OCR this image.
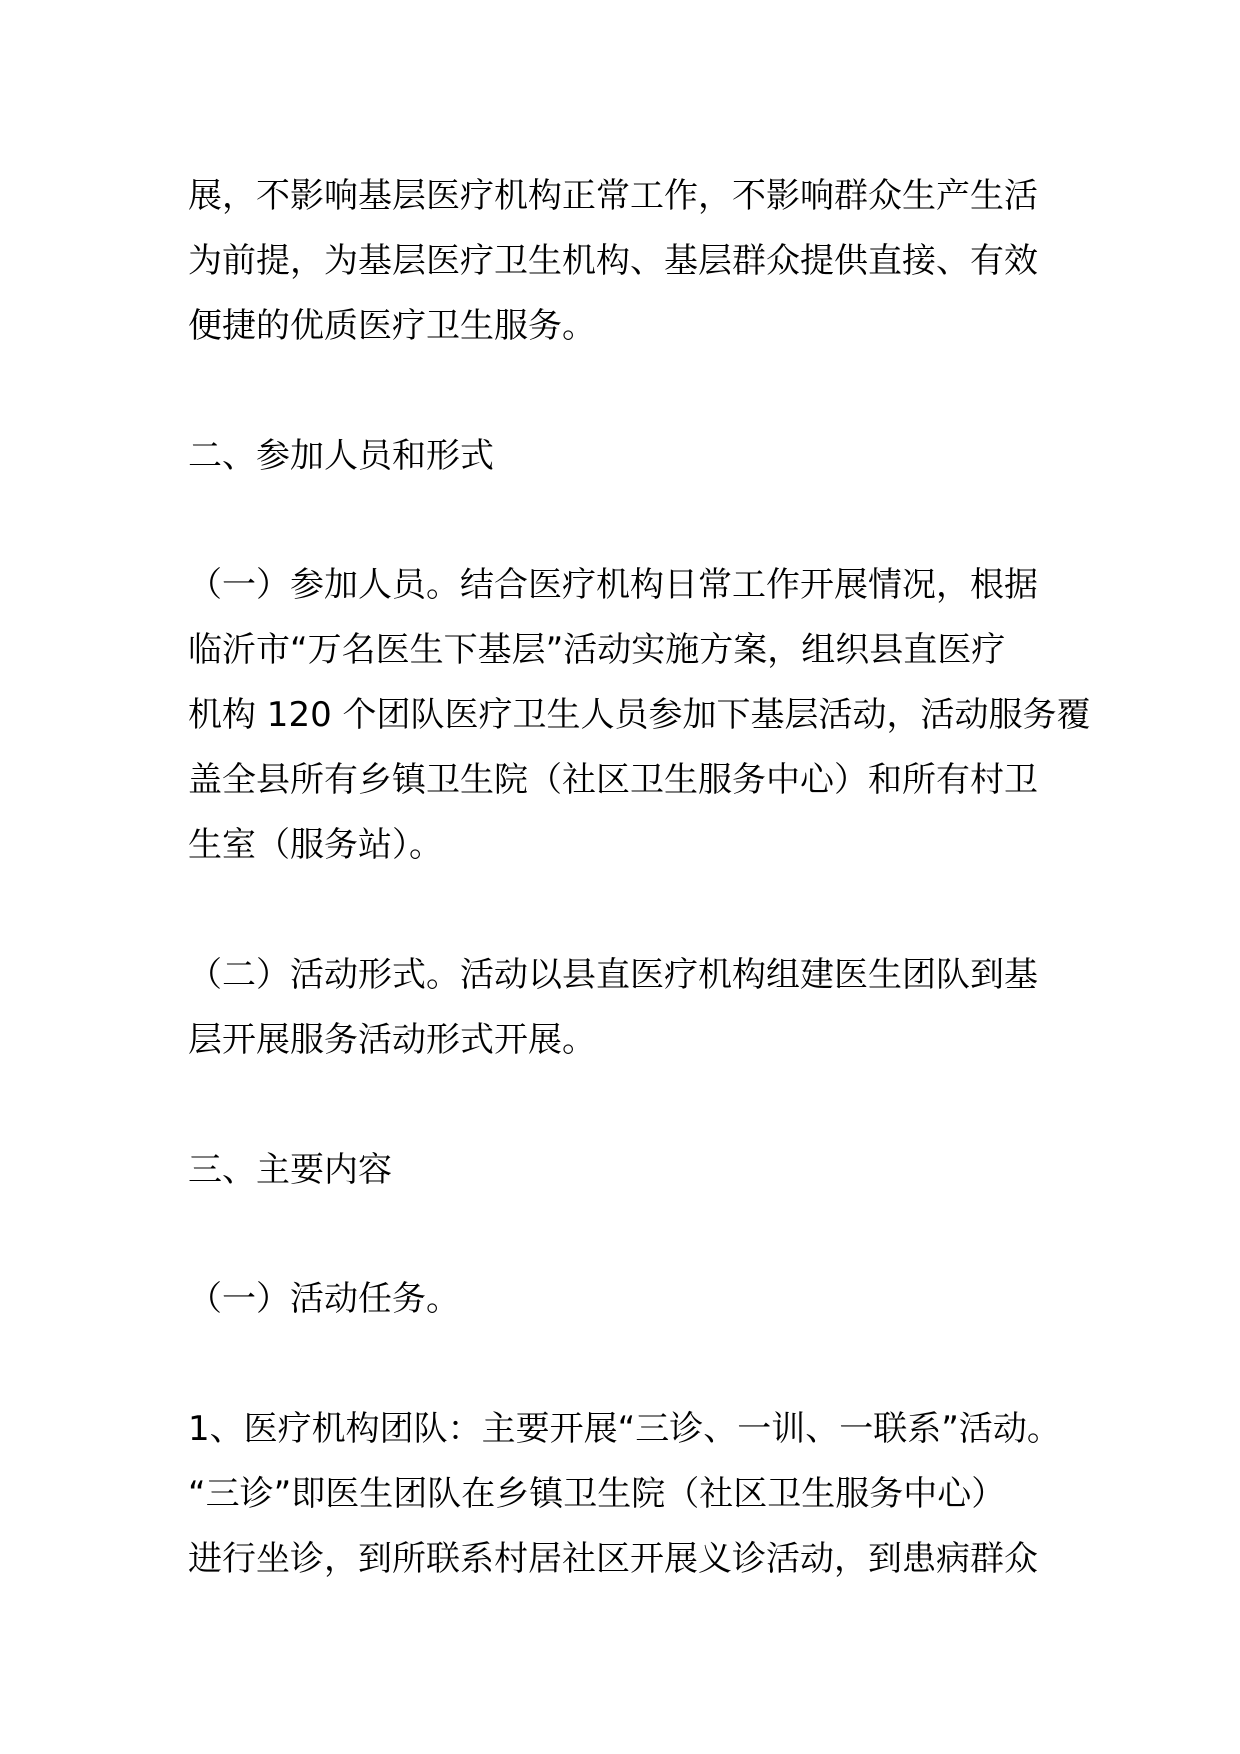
展，不影响基层医疗机构正常工作，不影响群众生产生活
为前提，为基层医疗卫生机构、基层群众提供直接、有效
便捷的优质医疗卫生服务。
二、参加人员和形式
（一）参加人员。结合医疗机构日常工作开展情况，根据
临沂市“万名医生下基层”活动实施方案，组织县直医疗
机构 120 个团队医疗卫生人员参加下基层活动，活动服务覆
盖全县所有乡镇卫生院（社区卫生服务中心）和所有村卫
生室（服务站）。
（二）活动形式。活动以县直医疗机构组建医生团队到基
层开展服务活动形式开展。
三、主要内容
（一）活动任务。
1、医疗机构团队：主要开展“三诊、一训、一联系”活动。
“三诊”即医生团队在乡镇卫生院（社区卫生服务中心）
进行坐诊，到所联系村居社区开展义诊活动，到患病群众
